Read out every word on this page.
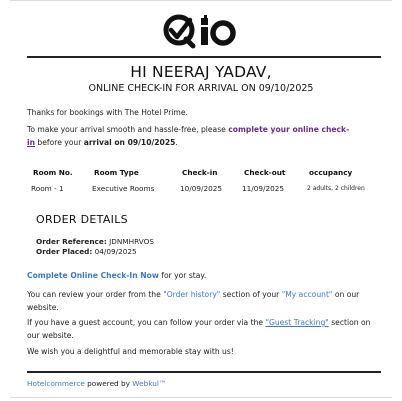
HI NEERAJ YADAV,
ONLINE CHECK-IN FOR ARRIVAL ON 09/10/2025
Thanks for bookings with The Hotel Prime.
To make your arrival smooth and hassle-free, please complete your online check-
in before your arrival on 09/10/2025.
Room No.	Room Type	Check-in	Check-out	occupancy
Room - 1	Executive Rooms	10/09/2025	11/09/2025	2 adults, 2 children
ORDER DETAILS
Order Reference: JDNMHRVOS
Order Placed: 04/09/2025
Complete Online Check-In Now for yor stay.
You can review your order from the "Order history" section of your "My account" on our
website.
If you have a guest account, you can follow your order via the "Guest Tracking" section on
our website.
We wish you a delightful and memorable stay with us!
Hotelcommerce powered by Webkul™
